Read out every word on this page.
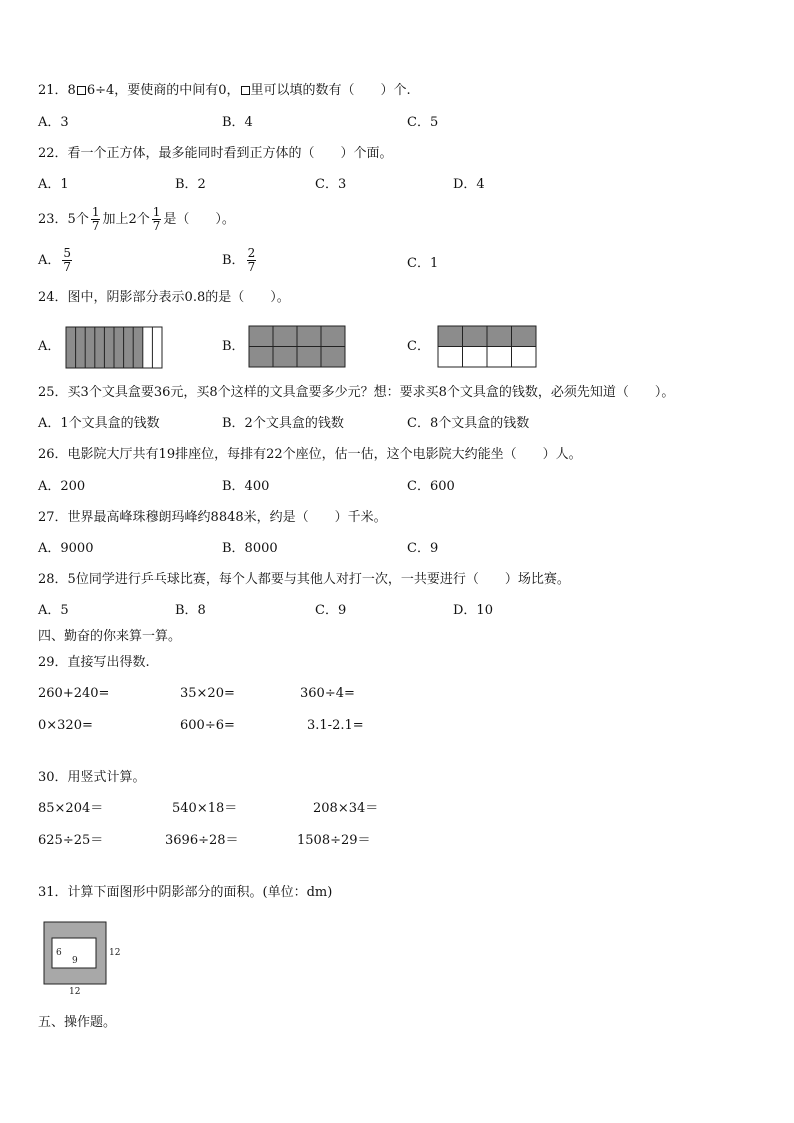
21．8 6÷4，要使商的中间有0， 里可以填的数有（　　）个.
A．3	B．4	C．5
22．看一个正方体，最多能同时看到正方体的（　　）个面。
A．1	B．2	C．3	D．4
23．5个 $\frac{1}{7}$ 加上2个 $\frac{1}{7}$ 是（　　）。
A． $\frac{5}{7}$	B． $\frac{2}{7}$	C．1
24．图中，阴影部分表示0.8的是（　　）。
A．	B．	C．
25．买3个文具盒要36元，买8个这样的文具盒要多少元？想：要求买8个文具盒的钱数，必须先知道（　　）。
A．1个文具盒的钱数	B．2个文具盒的钱数	C．8个文具盒的钱数
26．电影院大厅共有19排座位，每排有22个座位，估一估，这个电影院大约能坐（　　）人。
A．200	B．400	C．600
27．世界最高峰珠穆朗玛峰约8848米，约是（　　）千米。
A．9000	B．8000	C．9
28．5位同学进行乒乓球比赛，每个人都要与其他人对打一次，一共要进行（　　）场比赛。
A．5	B．8	C．9	D．10
四、勤奋的你来算一算。
29．直接写出得数.
260+240=	35×20=	360÷4=
0×320=	600÷6=	3.1-2.1=
30．用竖式计算。
85×204＝	540×18＝	208×34＝
625÷25＝	3696÷28＝	1508÷29＝
31．计算下面图形中阴影部分的面积。(单位：dm)
6
9
12
12
五、操作题。
